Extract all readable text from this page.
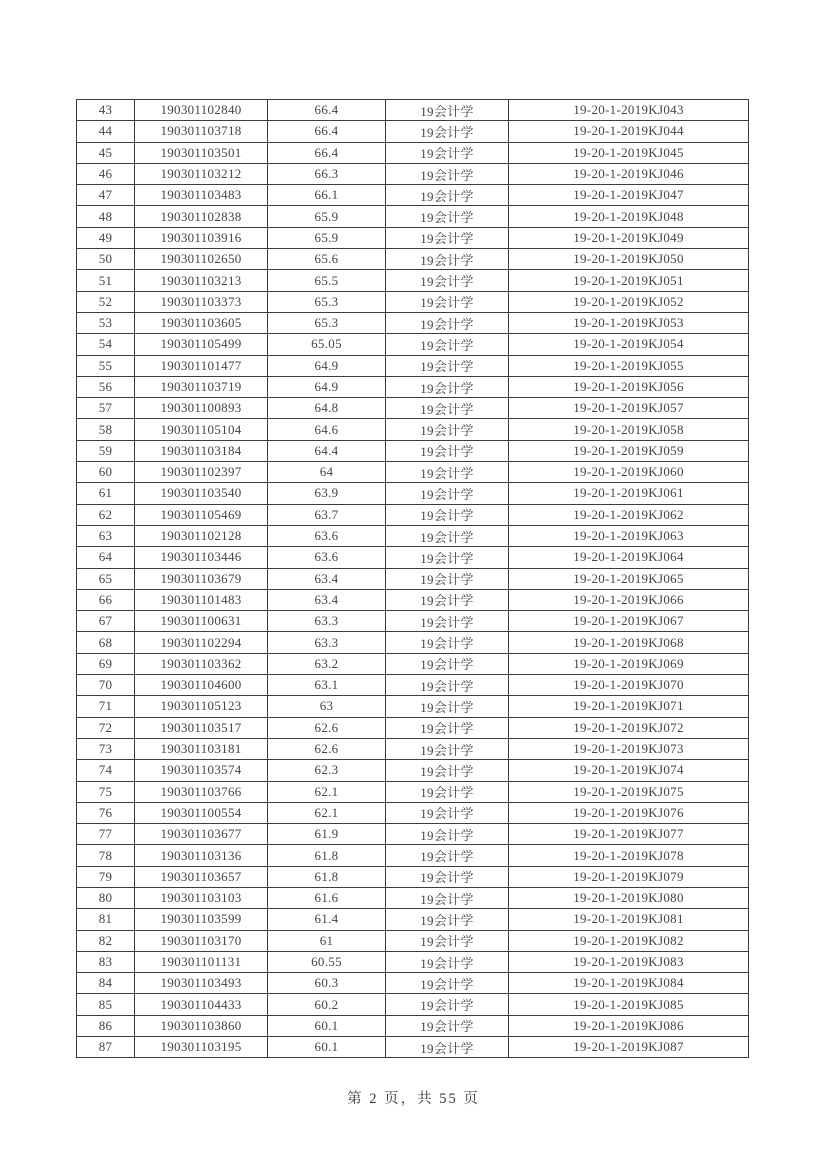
43	190301102840	66.4	19会计学	19-20-1-2019KJ043
44	190301103718	66.4	19会计学	19-20-1-2019KJ044
45	190301103501	66.4	19会计学	19-20-1-2019KJ045
46	190301103212	66.3	19会计学	19-20-1-2019KJ046
47	190301103483	66.1	19会计学	19-20-1-2019KJ047
48	190301102838	65.9	19会计学	19-20-1-2019KJ048
49	190301103916	65.9	19会计学	19-20-1-2019KJ049
50	190301102650	65.6	19会计学	19-20-1-2019KJ050
51	190301103213	65.5	19会计学	19-20-1-2019KJ051
52	190301103373	65.3	19会计学	19-20-1-2019KJ052
53	190301103605	65.3	19会计学	19-20-1-2019KJ053
54	190301105499	65.05	19会计学	19-20-1-2019KJ054
55	190301101477	64.9	19会计学	19-20-1-2019KJ055
56	190301103719	64.9	19会计学	19-20-1-2019KJ056
57	190301100893	64.8	19会计学	19-20-1-2019KJ057
58	190301105104	64.6	19会计学	19-20-1-2019KJ058
59	190301103184	64.4	19会计学	19-20-1-2019KJ059
60	190301102397	64	19会计学	19-20-1-2019KJ060
61	190301103540	63.9	19会计学	19-20-1-2019KJ061
62	190301105469	63.7	19会计学	19-20-1-2019KJ062
63	190301102128	63.6	19会计学	19-20-1-2019KJ063
64	190301103446	63.6	19会计学	19-20-1-2019KJ064
65	190301103679	63.4	19会计学	19-20-1-2019KJ065
66	190301101483	63.4	19会计学	19-20-1-2019KJ066
67	190301100631	63.3	19会计学	19-20-1-2019KJ067
68	190301102294	63.3	19会计学	19-20-1-2019KJ068
69	190301103362	63.2	19会计学	19-20-1-2019KJ069
70	190301104600	63.1	19会计学	19-20-1-2019KJ070
71	190301105123	63	19会计学	19-20-1-2019KJ071
72	190301103517	62.6	19会计学	19-20-1-2019KJ072
73	190301103181	62.6	19会计学	19-20-1-2019KJ073
74	190301103574	62.3	19会计学	19-20-1-2019KJ074
75	190301103766	62.1	19会计学	19-20-1-2019KJ075
76	190301100554	62.1	19会计学	19-20-1-2019KJ076
77	190301103677	61.9	19会计学	19-20-1-2019KJ077
78	190301103136	61.8	19会计学	19-20-1-2019KJ078
79	190301103657	61.8	19会计学	19-20-1-2019KJ079
80	190301103103	61.6	19会计学	19-20-1-2019KJ080
81	190301103599	61.4	19会计学	19-20-1-2019KJ081
82	190301103170	61	19会计学	19-20-1-2019KJ082
83	190301101131	60.55	19会计学	19-20-1-2019KJ083
84	190301103493	60.3	19会计学	19-20-1-2019KJ084
85	190301104433	60.2	19会计学	19-20-1-2019KJ085
86	190301103860	60.1	19会计学	19-20-1-2019KJ086
87	190301103195	60.1	19会计学	19-20-1-2019KJ087
第 2 页，共 55 页
